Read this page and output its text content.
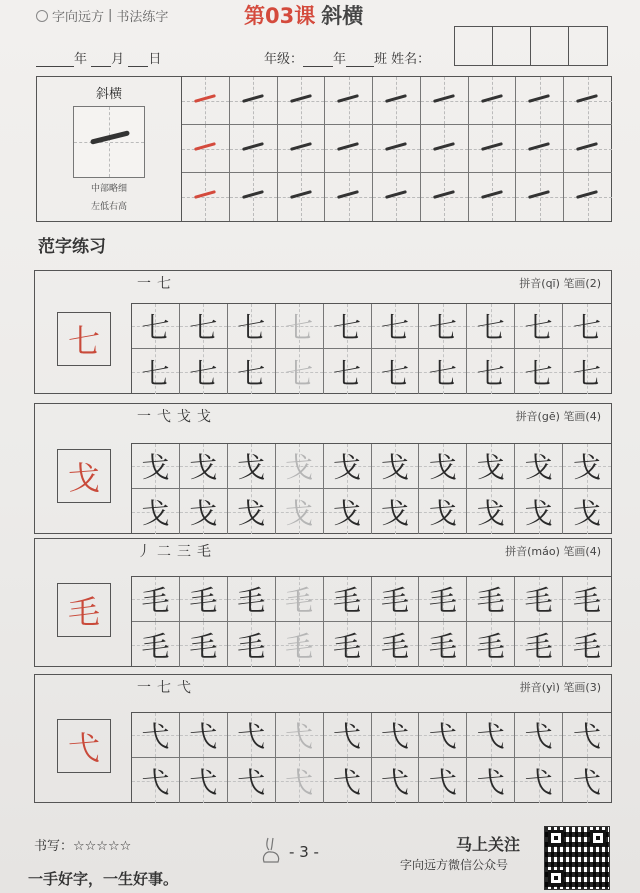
字向远方 | 书法练字	第03课 斜横
年 月 日	年级： 年 班 姓名：
斜横
中部略细
左低右高
范字练习
七
一七	拼音(qī) 笔画(2)
七 七 七 七 七 七 七 七 七 七
七 七 七 七 七 七 七 七 七 七
戈
一弋戈戈	拼音(gē) 笔画(4)
戈 戈 戈 戈 戈 戈 戈 戈 戈 戈
戈 戈 戈 戈 戈 戈 戈 戈 戈 戈
毛
丿二三毛	拼音(máo) 笔画(4)
毛 毛 毛 毛 毛 毛 毛 毛 毛 毛
毛 毛 毛 毛 毛 毛 毛 毛 毛 毛
弋
一七弋	拼音(yì) 笔画(3)
弋 弋 弋 弋 弋 弋 弋 弋 弋 弋
弋 弋 弋 弋 弋 弋 弋 弋 弋 弋
书写：☆☆☆☆☆	- 3 -	马上关注
字向远方微信公众号
一手好字，一生好事。
